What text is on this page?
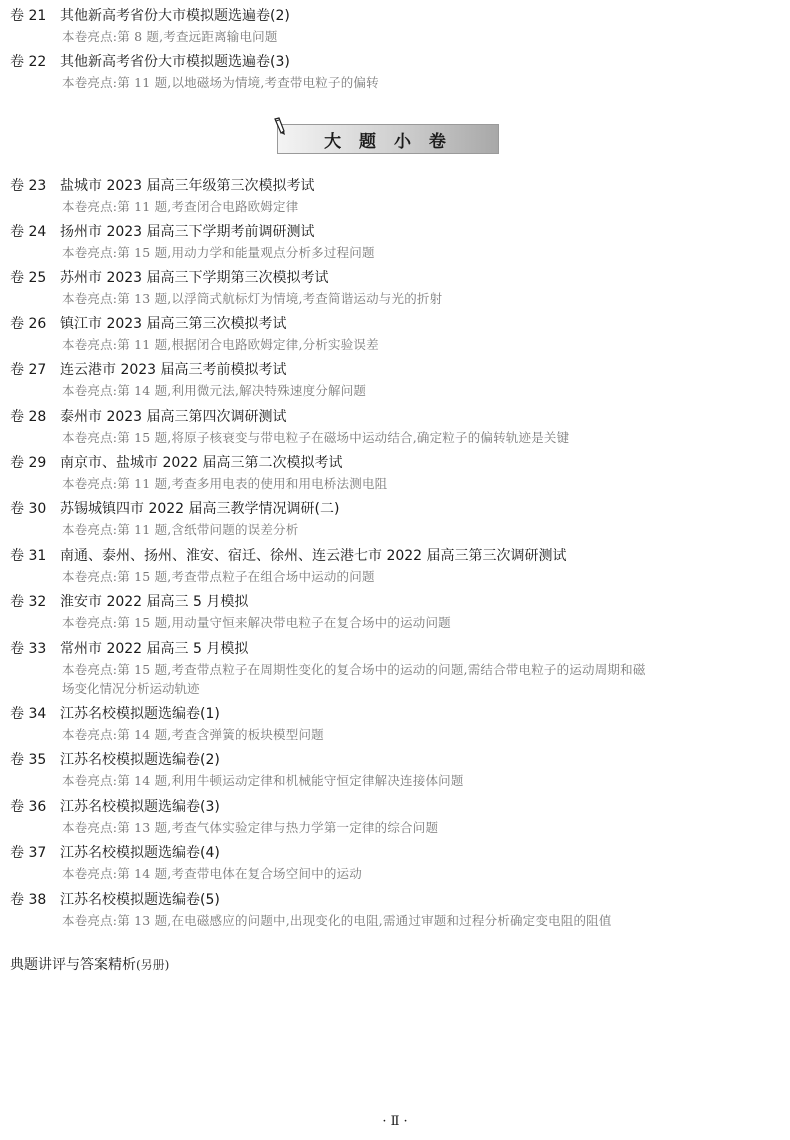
卷 21 其他新高考省份大市模拟题选遍卷(2)
本卷亮点:第 8 题,考查远距离输电问题
卷 22 其他新高考省份大市模拟题选遍卷(3)
本卷亮点:第 11 题,以地磁场为情境,考查带电粒子的偏转
大 题 小 卷
卷 23 盐城市 2023 届高三年级第三次模拟考试
本卷亮点:第 11 题,考查闭合电路欧姆定律
卷 24 扬州市 2023 届高三下学期考前调研测试
本卷亮点:第 15 题,用动力学和能量观点分析多过程问题
卷 25 苏州市 2023 届高三下学期第三次模拟考试
本卷亮点:第 13 题,以浮筒式航标灯为情境,考查简谐运动与光的折射
卷 26 镇江市 2023 届高三第三次模拟考试
本卷亮点:第 11 题,根据闭合电路欧姆定律,分析实验误差
卷 27 连云港市 2023 届高三考前模拟考试
本卷亮点:第 14 题,利用微元法,解决特殊速度分解问题
卷 28 泰州市 2023 届高三第四次调研测试
本卷亮点:第 15 题,将原子核衰变与带电粒子在磁场中运动结合,确定粒子的偏转轨迹是关键
卷 29 南京市、盐城市 2022 届高三第二次模拟考试
本卷亮点:第 11 题,考查多用电表的使用和用电桥法测电阻
卷 30 苏锡城镇四市 2022 届高三教学情况调研(二)
本卷亮点:第 11 题,含纸带问题的误差分析
卷 31 南通、泰州、扬州、淮安、宿迁、徐州、连云港七市 2022 届高三第三次调研测试
本卷亮点:第 15 题,考查带点粒子在组合场中运动的问题
卷 32 淮安市 2022 届高三 5 月模拟
本卷亮点:第 15 题,用动量守恒来解决带电粒子在复合场中的运动问题
卷 33 常州市 2022 届高三 5 月模拟
本卷亮点:第 15 题,考查带点粒子在周期性变化的复合场中的运动的问题,需结合带电粒子的运动周期和磁
场变化情况分析运动轨迹
卷 34 江苏名校模拟题选编卷(1)
本卷亮点:第 14 题,考查含弹簧的板块模型问题
卷 35 江苏名校模拟题选编卷(2)
本卷亮点:第 14 题,利用牛顿运动定律和机械能守恒定律解决连接体问题
卷 36 江苏名校模拟题选编卷(3)
本卷亮点:第 13 题,考查气体实验定律与热力学第一定律的综合问题
卷 37 江苏名校模拟题选编卷(4)
本卷亮点:第 14 题,考查带电体在复合场空间中的运动
卷 38 江苏名校模拟题选编卷(5)
本卷亮点:第 13 题,在电磁感应的问题中,出现变化的电阻,需通过审题和过程分析确定变电阻的阻值
典题讲评与答案精析(另册)
· Ⅱ ·
